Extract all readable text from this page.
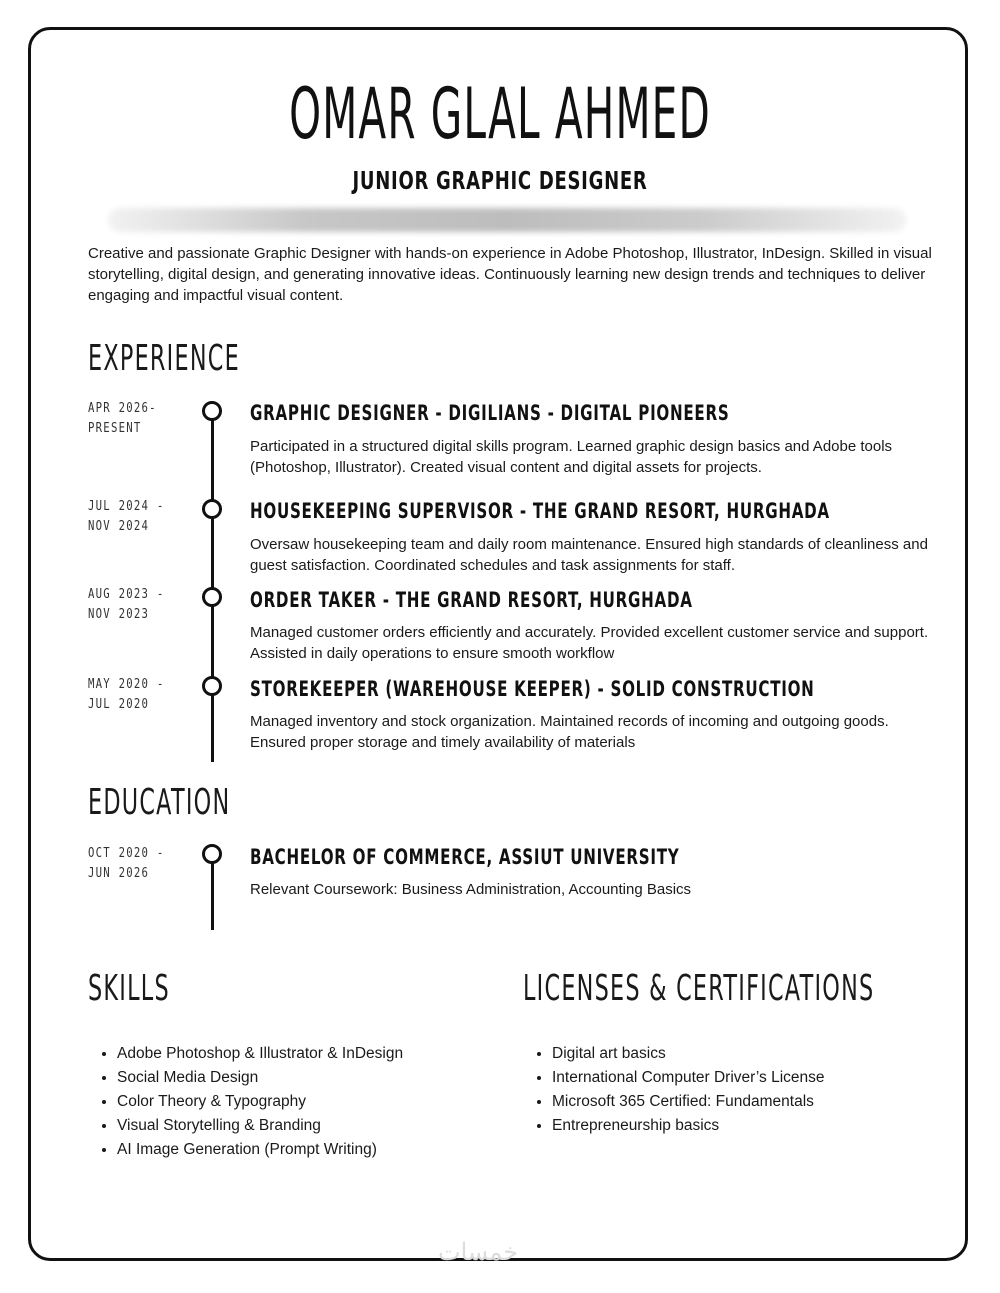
OMAR GLAL AHMED
JUNIOR GRAPHIC DESIGNER
Creative and passionate Graphic Designer with hands-on experience in Adobe Photoshop, Illustrator, InDesign. Skilled in visual storytelling, digital design, and generating innovative ideas. Continuously learning new design trends and techniques to deliver engaging and impactful visual content.
EXPERIENCE
APR 2026-
PRESENT
GRAPHIC DESIGNER - DIGILIANS - DIGITAL PIONEERS
Participated in a structured digital skills program. Learned graphic design basics and Adobe tools (Photoshop, Illustrator). Created visual content and digital assets for projects.
JUL 2024 -
NOV 2024
HOUSEKEEPING SUPERVISOR - THE GRAND RESORT, HURGHADA
Oversaw housekeeping team and daily room maintenance. Ensured high standards of cleanliness and guest satisfaction. Coordinated schedules and task assignments for staff.
AUG 2023 -
NOV 2023
ORDER TAKER - THE GRAND RESORT, HURGHADA
Managed customer orders efficiently and accurately. Provided excellent customer service and support. Assisted in daily operations to ensure smooth workflow
MAY 2020 -
JUL 2020
STOREKEEPER (WAREHOUSE KEEPER) - SOLID CONSTRUCTION
Managed inventory and stock organization. Maintained records of incoming and outgoing goods. Ensured proper storage and timely availability of materials
EDUCATION
OCT 2020 -
JUN 2026
BACHELOR OF COMMERCE, ASSIUT UNIVERSITY
Relevant Coursework: Business Administration, Accounting Basics
SKILLS
• Adobe Photoshop & Illustrator & InDesign
• Social Media Design
• Color Theory & Typography
• Visual Storytelling & Branding
• AI Image Generation (Prompt Writing)
LICENSES & CERTIFICATIONS
• Digital art basics
• International Computer Driver’s License
• Microsoft 365 Certified: Fundamentals
• Entrepreneurship basics
خمسات
